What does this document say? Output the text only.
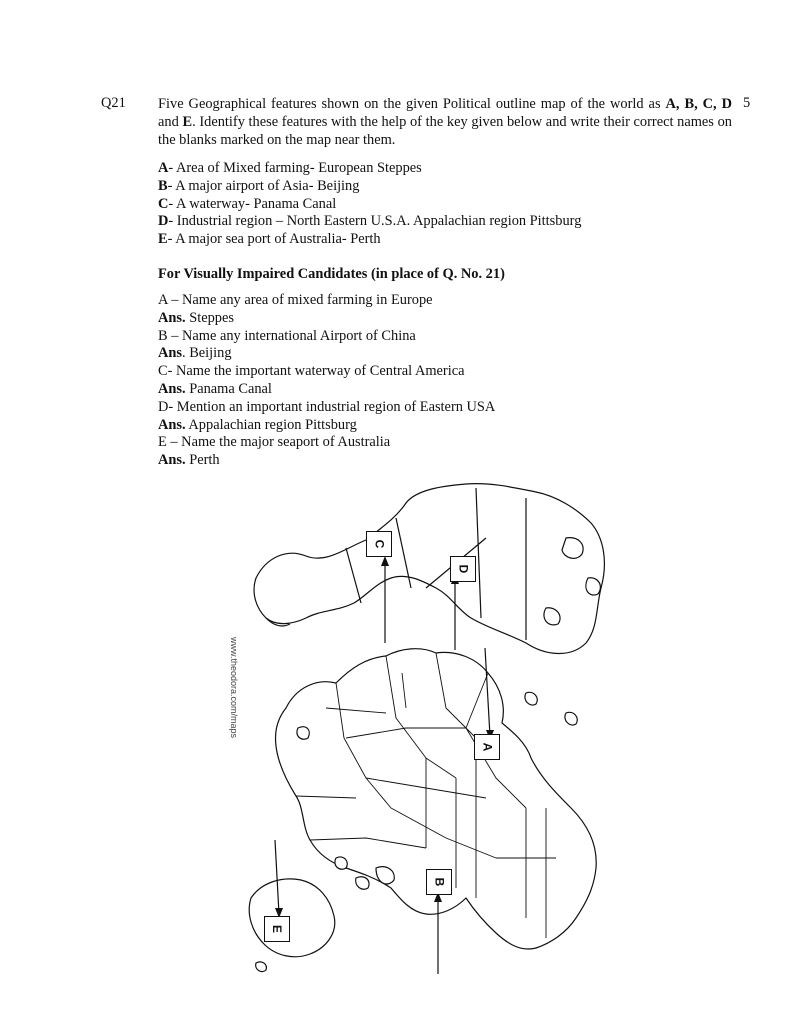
Q21	5
Five Geographical features shown on the given Political outline map of the world as A, B, C, D and E. Identify these features with the help of the key given below and write their correct names on the blanks marked on the map near them.
A- Area of Mixed farming- European Steppes
B- A major airport of Asia- Beijing
C- A waterway- Panama Canal
D- Industrial region – North Eastern U.S.A. Appalachian region Pittsburg
E- A major sea port of Australia- Perth
For Visually Impaired Candidates (in place of Q. No. 21)
A – Name any area of mixed farming in Europe
Ans. Steppes
B – Name any international Airport of China
Ans. Beijing
C- Name the important waterway of Central America
Ans. Panama Canal
D- Mention an important industrial region of Eastern USA
Ans. Appalachian region Pittsburg
E – Name the major seaport of Australia
Ans. Perth
C
D
A
B
E
www.theodora.com/maps
